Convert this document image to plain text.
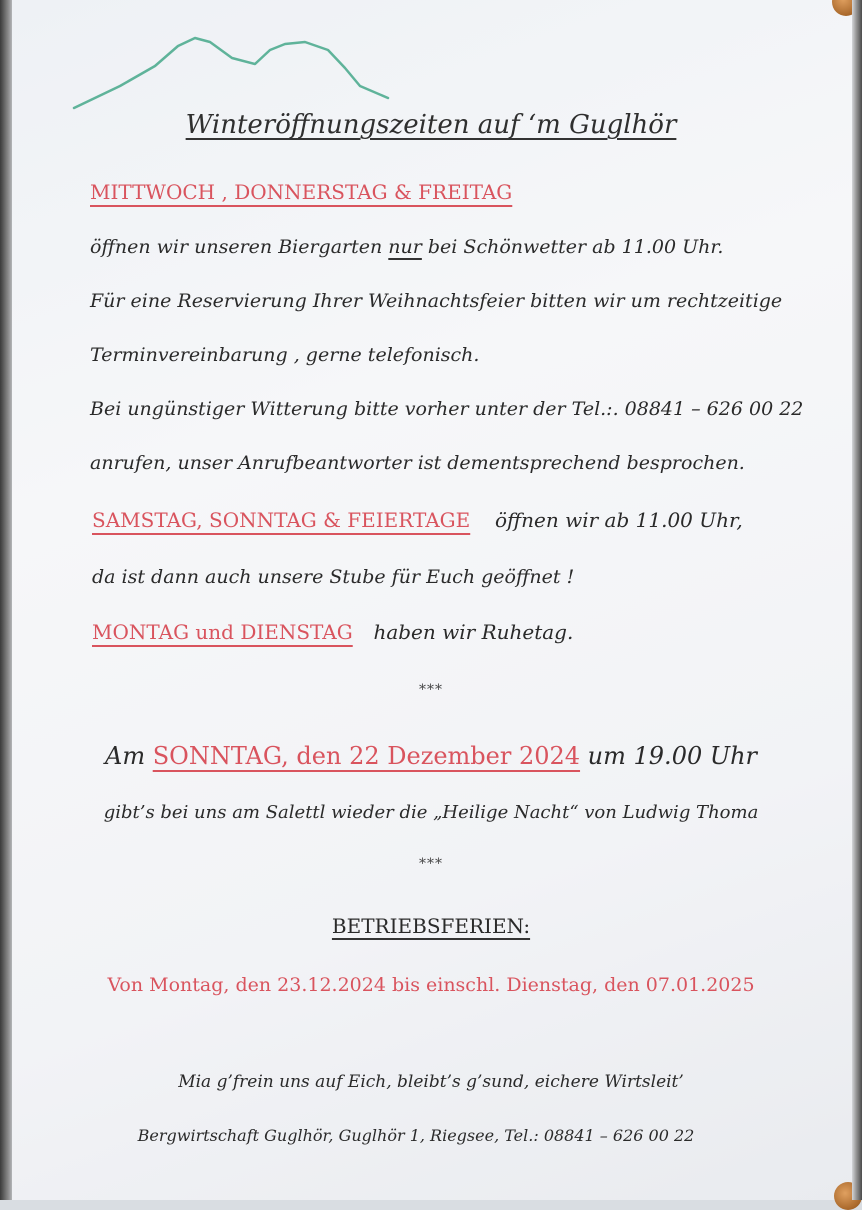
Winteröffnungszeiten auf ‘m Guglhör
MITTWOCH , DONNERSTAG & FREITAG
öffnen wir unseren Biergarten nur bei Schönwetter ab 11.00 Uhr.
Für eine Reservierung Ihrer Weihnachtsfeier bitten wir um rechtzeitige
Terminvereinbarung , gerne telefonisch.
Bei ungünstiger Witterung bitte vorher unter der Tel.:. 08841 – 626 00 22
anrufen, unser Anrufbeantworter ist dementsprechend besprochen.
SAMSTAG, SONNTAG & FEIERTAGE öffnen wir ab 11.00 Uhr,
da ist dann auch unsere Stube für Euch geöffnet !
MONTAG und DIENSTAG haben wir Ruhetag.
***
Am SONNTAG, den 22 Dezember 2024 um 19.00 Uhr
gibt’s bei uns am Salettl wieder die „Heilige Nacht“ von Ludwig Thoma
***
BETRIEBSFERIEN:
Von Montag, den 23.12.2024 bis einschl. Dienstag, den 07.01.2025
Mia g’frein uns auf Eich, bleibt’s g’sund, eichere Wirtsleit’
Bergwirtschaft Guglhör, Guglhör 1, Riegsee, Tel.: 08841 – 626 00 22
